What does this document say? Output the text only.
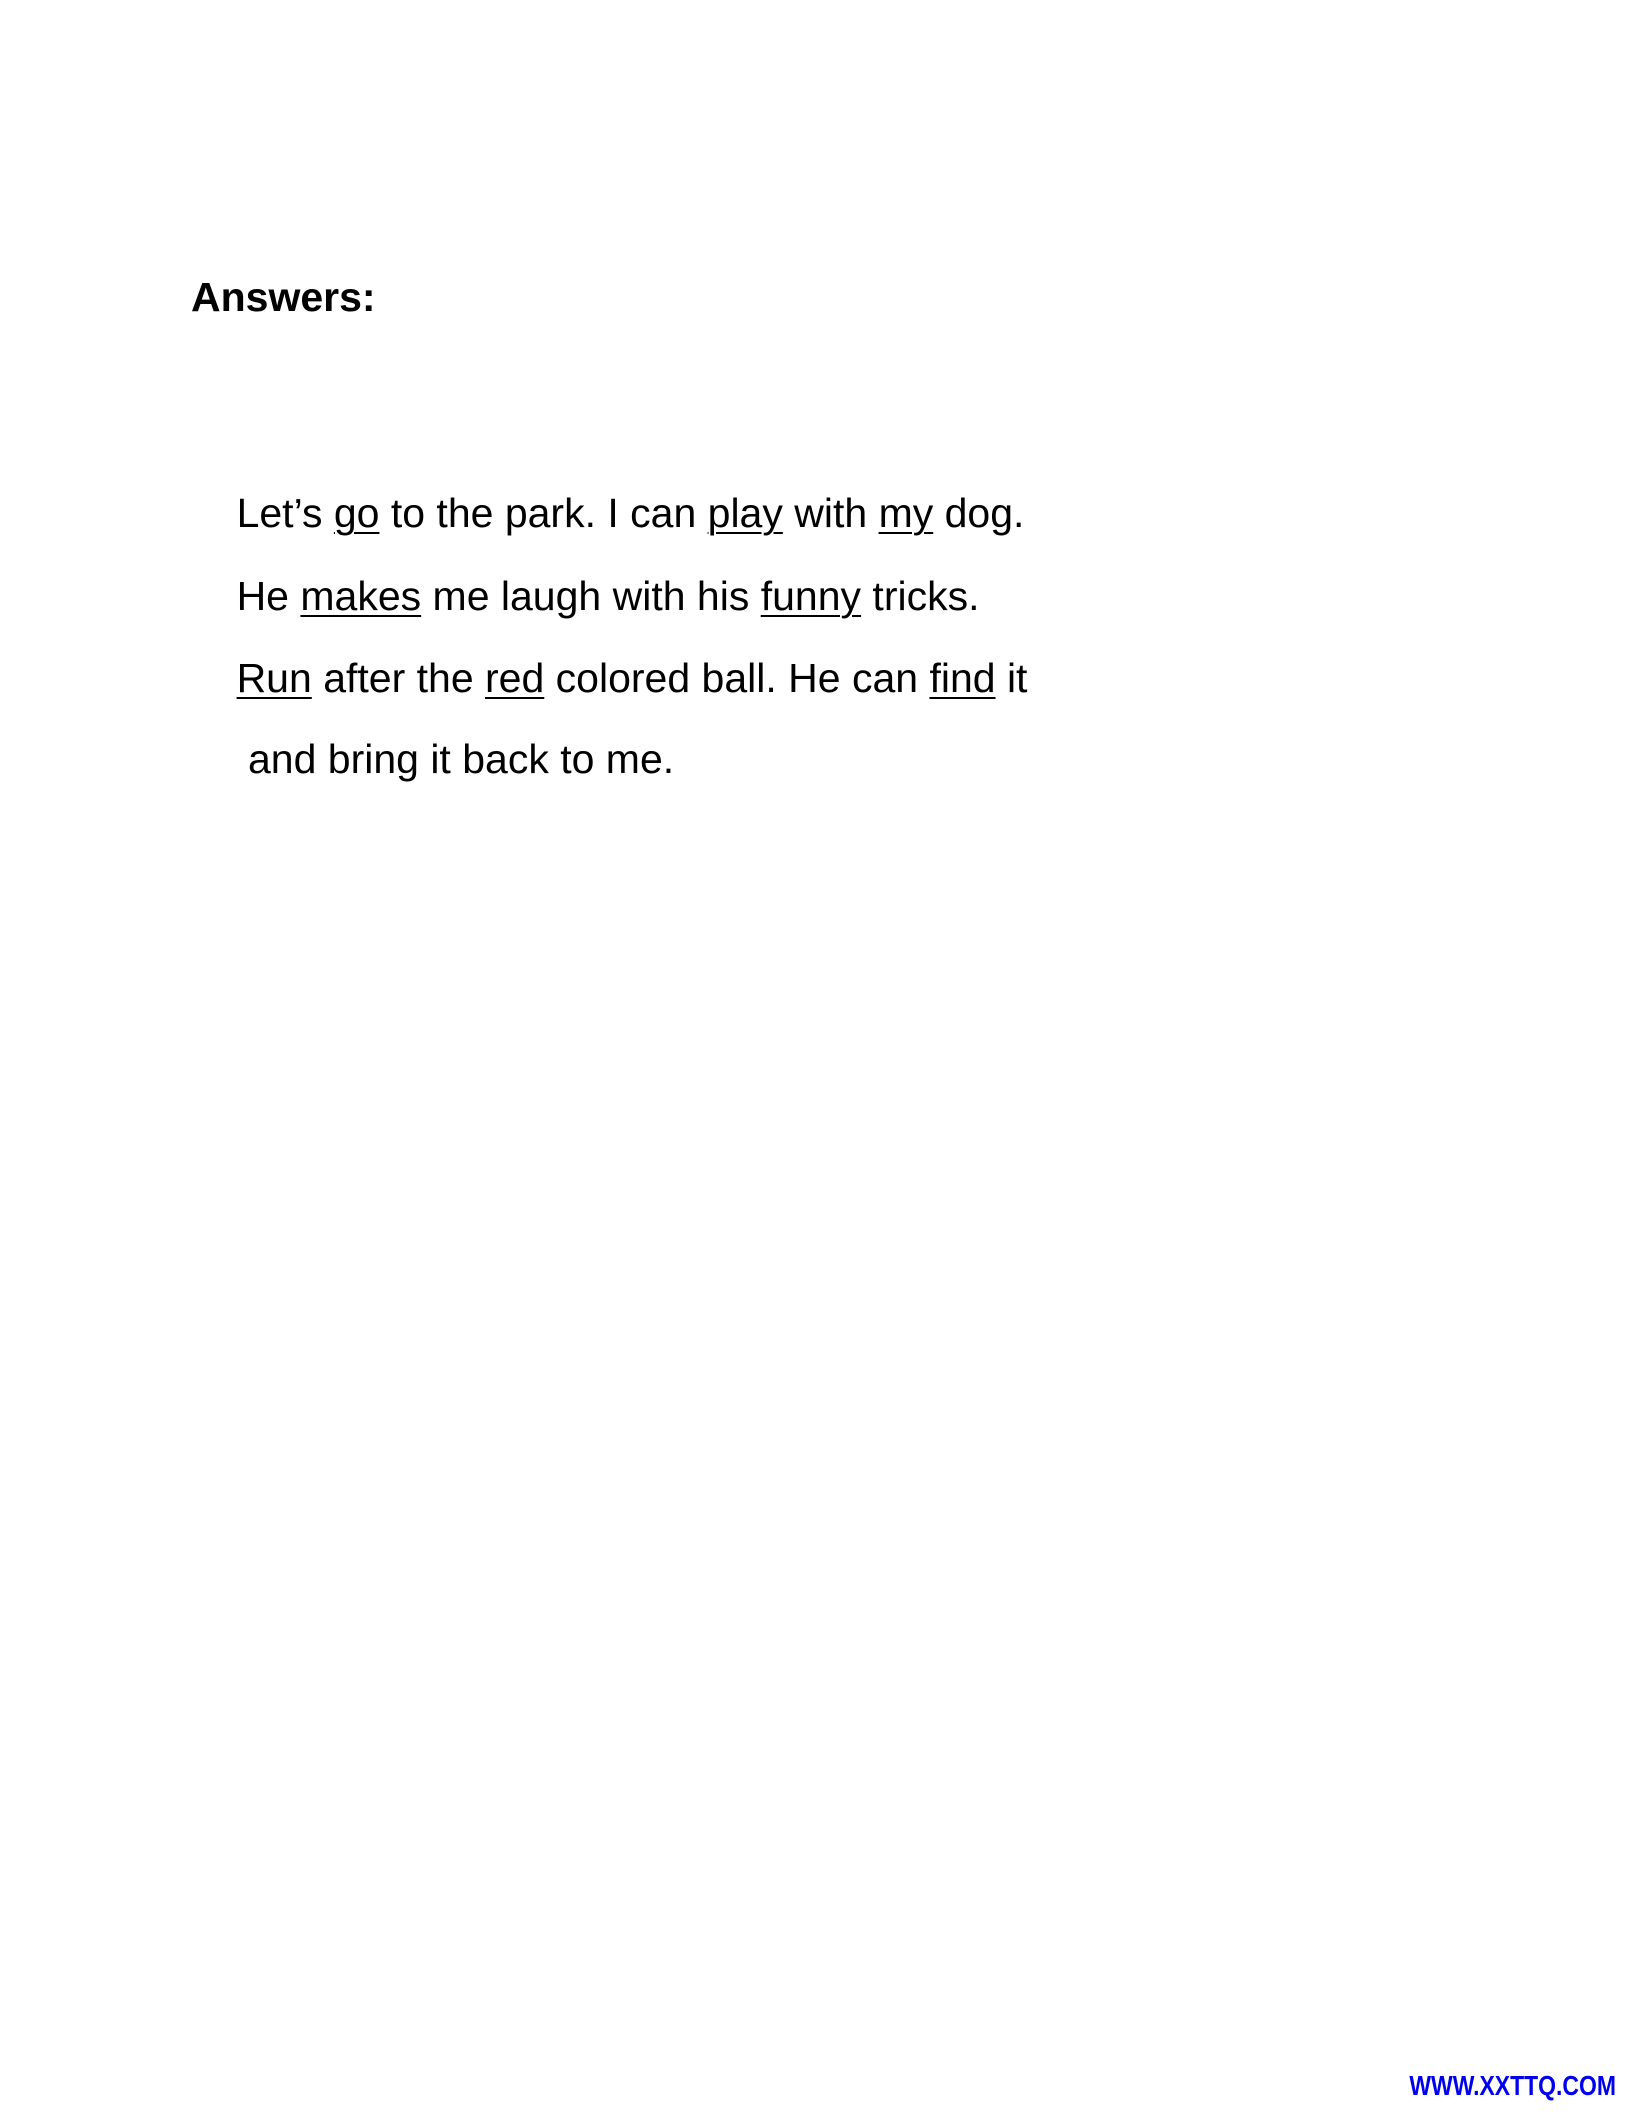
Answers:

Let’s go to the park. I can play with my dog.

He makes me laugh with his funny tricks.

Run after the red colored ball. He can find it

and bring it back to me.

WWW.XXTTQ.COM
